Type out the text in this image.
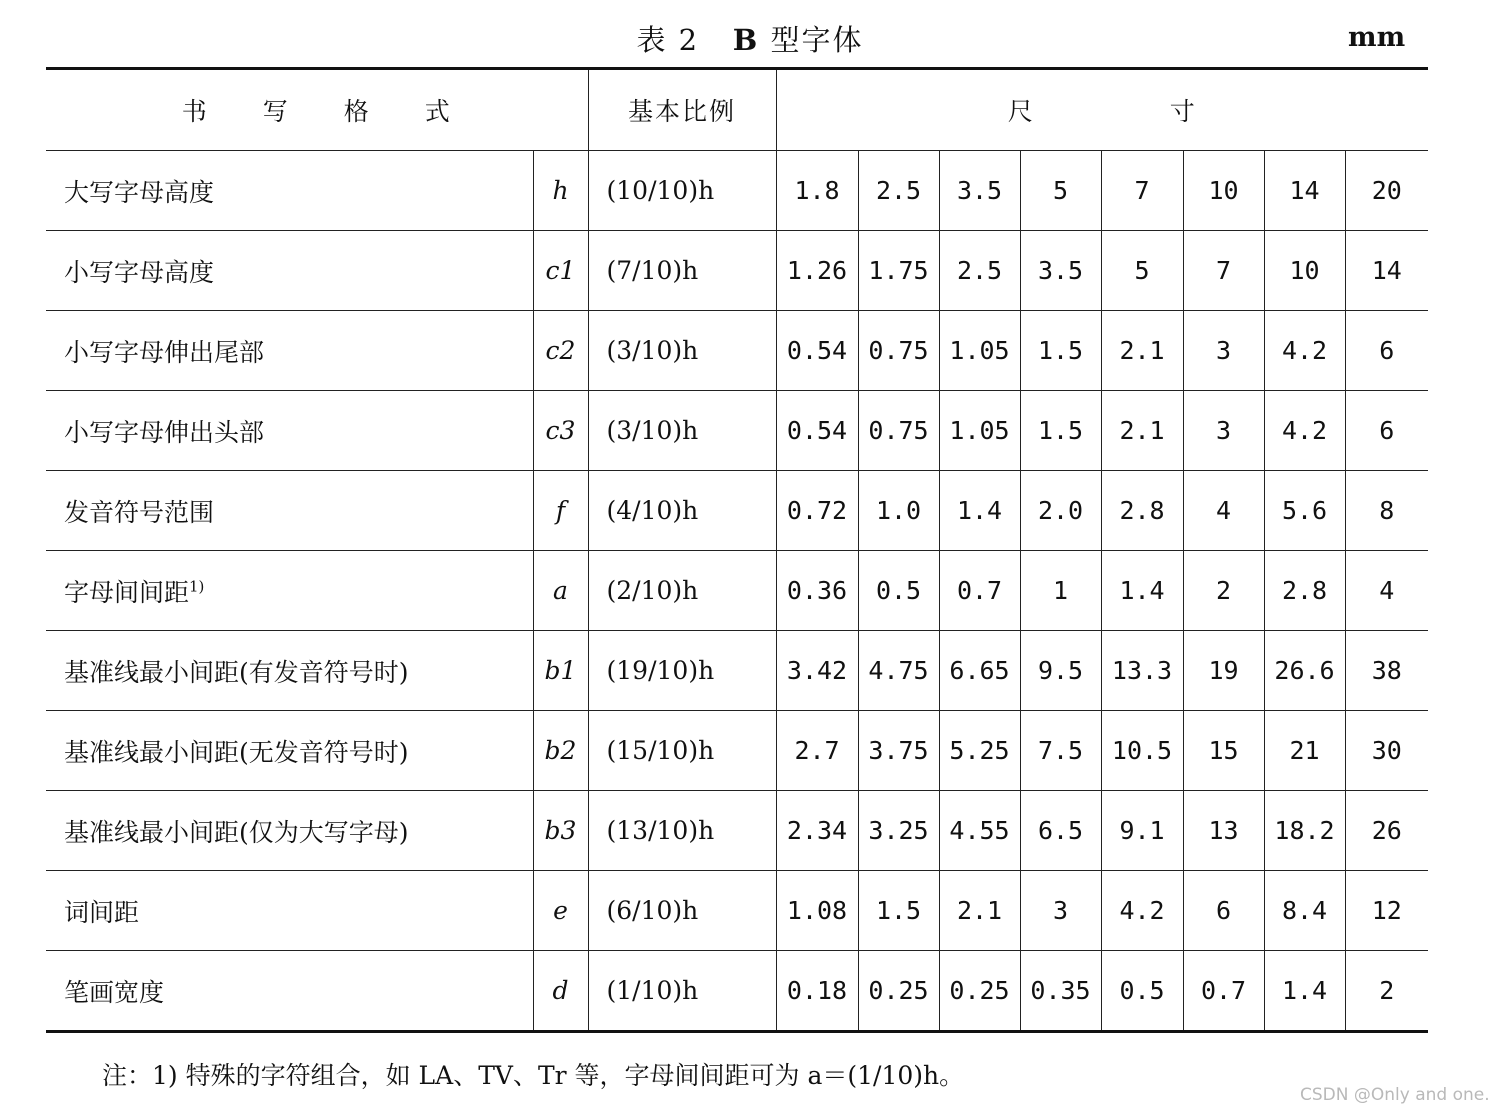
表 2 B 型字体	mm
书　　写　　格　　式		基本比例	尺　　　　　寸							
大写字母高度	h	(10/10)h	1.8	2.5	3.5	5	7	10	14	20
小写字母高度	c1	(7/10)h	1.26	1.75	2.5	3.5	5	7	10	14
小写字母伸出尾部	c2	(3/10)h	0.54	0.75	1.05	1.5	2.1	3	4.2	6
小写字母伸出头部	c3	(3/10)h	0.54	0.75	1.05	1.5	2.1	3	4.2	6
发音符号范围	f	(4/10)h	0.72	1.0	1.4	2.0	2.8	4	5.6	8
字母间间距$^{1)}$	a	(2/10)h	0.36	0.5	0.7	1	1.4	2	2.8	4
基准线最小间距(有发音符号时)	b1	(19/10)h	3.42	4.75	6.65	9.5	13.3	19	26.6	38
基准线最小间距(无发音符号时)	b2	(15/10)h	2.7	3.75	5.25	7.5	10.5	15	21	30
基准线最小间距(仅为大写字母)	b3	(13/10)h	2.34	3.25	4.55	6.5	9.1	13	18.2	26
词间距	e	(6/10)h	1.08	1.5	2.1	3	4.2	6	8.4	12
笔画宽度	d	(1/10)h	0.18	0.25	0.25	0.35	0.5	0.7	1.4	2
注：1) 特殊的字符组合，如 LA、TV、Tr 等，字母间间距可为 a＝(1/10)h。
CSDN @Only and one.
